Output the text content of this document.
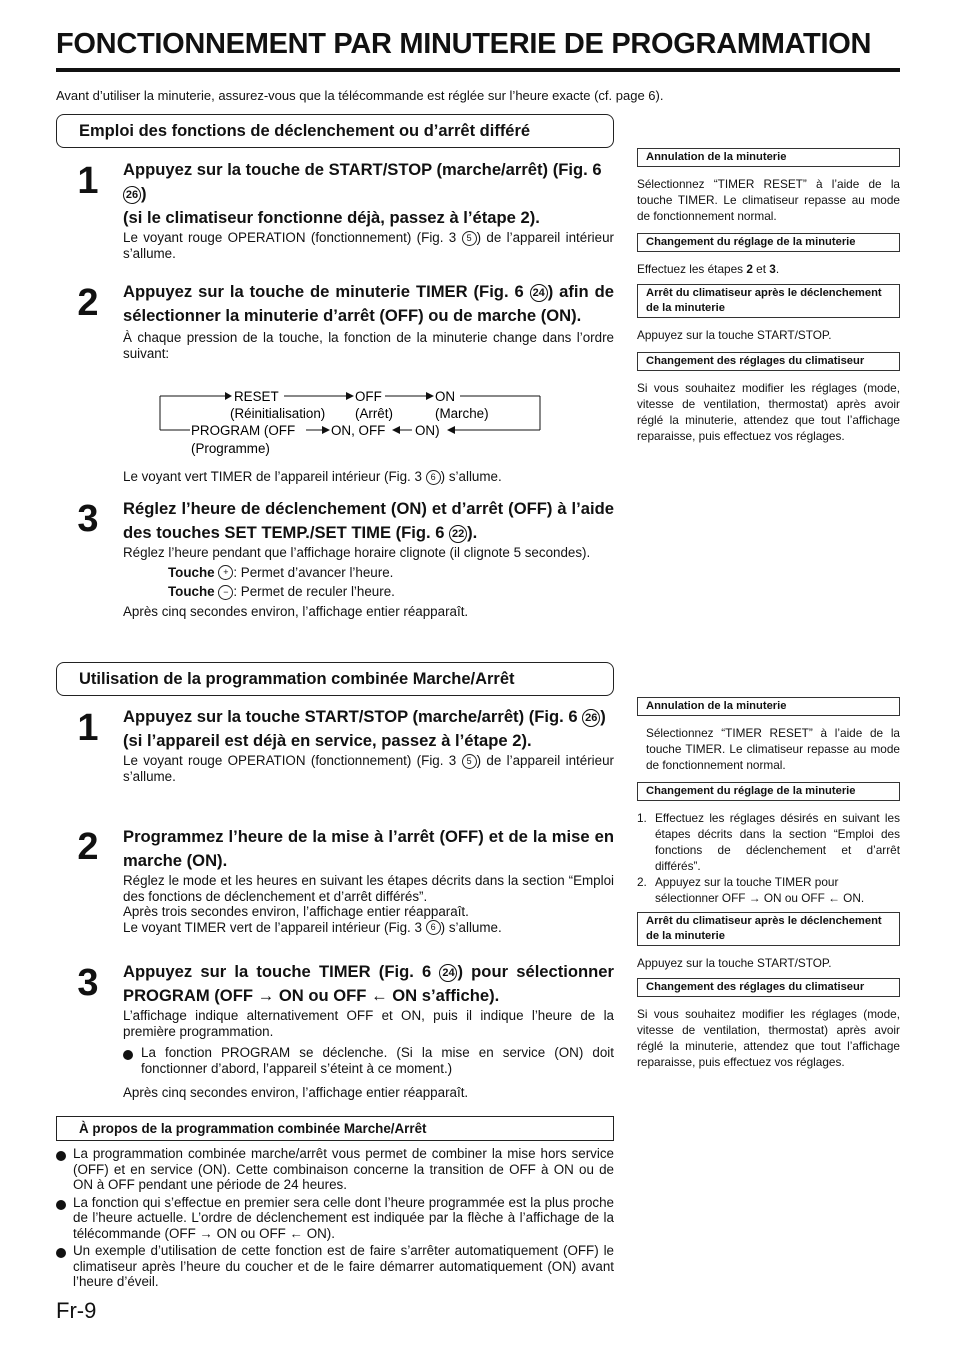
FONCTIONNEMENT PAR MINUTERIE DE PROGRAMMATION
Avant d’utiliser la minuterie, assurez-vous que la télécommande est réglée sur l’heure exacte (cf. page 6).
Emploi des fonctions de déclenchement ou d’arrêt différé
1	Appuyez sur la touche de START/STOP (marche/arrêt) (Fig. 6 26 )
(si le climatiseur fonctionne déjà, passez à l’étape 2).
Le voyant rouge OPERATION (fonctionnement) (Fig. 3 5 ) de l’appareil intérieur s’allume.
2	Appuyez sur la touche de minuterie TIMER (Fig. 6 24 ) afin de sélectionner la minuterie d’arrêt (OFF) ou de marche (ON).
À chaque pression de la touche, la fonction de la minuterie change dans l’ordre suivant:
RESET
(Réinitialisation)
OFF
(Arrêt)
ON
(Marche)
PROGRAM (OFF	ON, OFF ON)
(Programme)
Le voyant vert TIMER de l’appareil intérieur (Fig. 3 6 ) s’allume.
3	Réglez l’heure de déclenchement (ON) et d’arrêt (OFF) à l’aide des touches SET TEMP./SET TIME (Fig. 6 22 ).
Réglez l’heure pendant que l’affichage horaire clignote (il clignote 5 secondes).
Touche + : Permet d’avancer l’heure.
Touche − : Permet de reculer l’heure.
Après cinq secondes environ, l’affichage entier réapparaît.
Annulation de la minuterie
Sélectionnez “TIMER RESET” à l’aide de la touche TIMER. Le climatiseur repasse au mode de fonctionnement normal.
Changement du réglage de la minuterie
Effectuez les étapes 2 et 3.
Arrêt du climatiseur après le déclenchement de la minuterie
Appuyez sur la touche START/STOP.
Changement des réglages du climatiseur
Si vous souhaitez modifier les réglages (mode, vitesse de ventilation, thermostat) après avoir réglé la minuterie, attendez que tout l’affichage reparaisse, puis effectuez vos réglages.
Utilisation de la programmation combinée Marche/Arrêt
1	Appuyez sur la touche START/STOP (marche/arrêt) (Fig. 6 26 )
(si l’appareil est déjà en service, passez à l’étape 2).
Le voyant rouge OPERATION (fonctionnement) (Fig. 3 5 ) de l’appareil intérieur s’allume.
2	Programmez l’heure de la mise à l’arrêt (OFF) et de la mise en marche (ON).
Réglez le mode et les heures en suivant les étapes décrits dans la section “Emploi des fonctions de déclenchement et d’arrêt différés”.
Après trois secondes environ, l’affichage entier réapparaît.
Le voyant TIMER vert de l’appareil intérieur (Fig. 3 6 ) s’allume.
3	Appuyez sur la touche TIMER (Fig. 6 24 ) pour sélectionner PROGRAM (OFF → ON ou OFF ← ON s’affiche).
L’affichage indique alternativement OFF et ON, puis il indique l’heure de la première programmation.
La fonction PROGRAM se déclenche. (Si la mise en service (ON) doit fonctionner d’abord, l’appareil s’éteint à ce moment.)
Après cinq secondes environ, l’affichage entier réapparaît.
À propos de la programmation combinée Marche/Arrêt
La programmation combinée marche/arrêt vous permet de combiner la mise hors service (OFF) et en service (ON). Cette combinaison concerne la transition de OFF à ON ou de ON à OFF pendant une période de 24 heures.
La fonction qui s’effectue en premier sera celle dont l’heure programmée est la plus proche de l’heure actuelle. L’ordre de déclenchement est indiquée par la flèche à l’affichage de la télécommande (OFF → ON ou OFF ← ON).
Un exemple d’utilisation de cette fonction est de faire s’arrêter automatiquement (OFF) le climatiseur après l’heure du coucher et de le faire démarrer automatiquement (ON) avant l’heure d’éveil.
Annulation de la minuterie
Sélectionnez “TIMER RESET” à l’aide de la touche TIMER. Le climatiseur repasse au mode de fonctionnement normal.
Changement du réglage de la minuterie
1. Effectuez les réglages désirés en suivant les étapes décrits dans la section “Emploi des fonctions de déclenchement et d’arrêt différés”.
2. Appuyez sur la touche TIMER pour sélectionner OFF → ON ou OFF ← ON.
Arrêt du climatiseur après le déclenchement de la minuterie
Appuyez sur la touche START/STOP.
Changement des réglages du climatiseur
Si vous souhaitez modifier les réglages (mode, vitesse de ventilation, thermostat) après avoir réglé la minuterie, attendez que tout l’affichage reparaisse, puis effectuez vos réglages.
Fr-9
